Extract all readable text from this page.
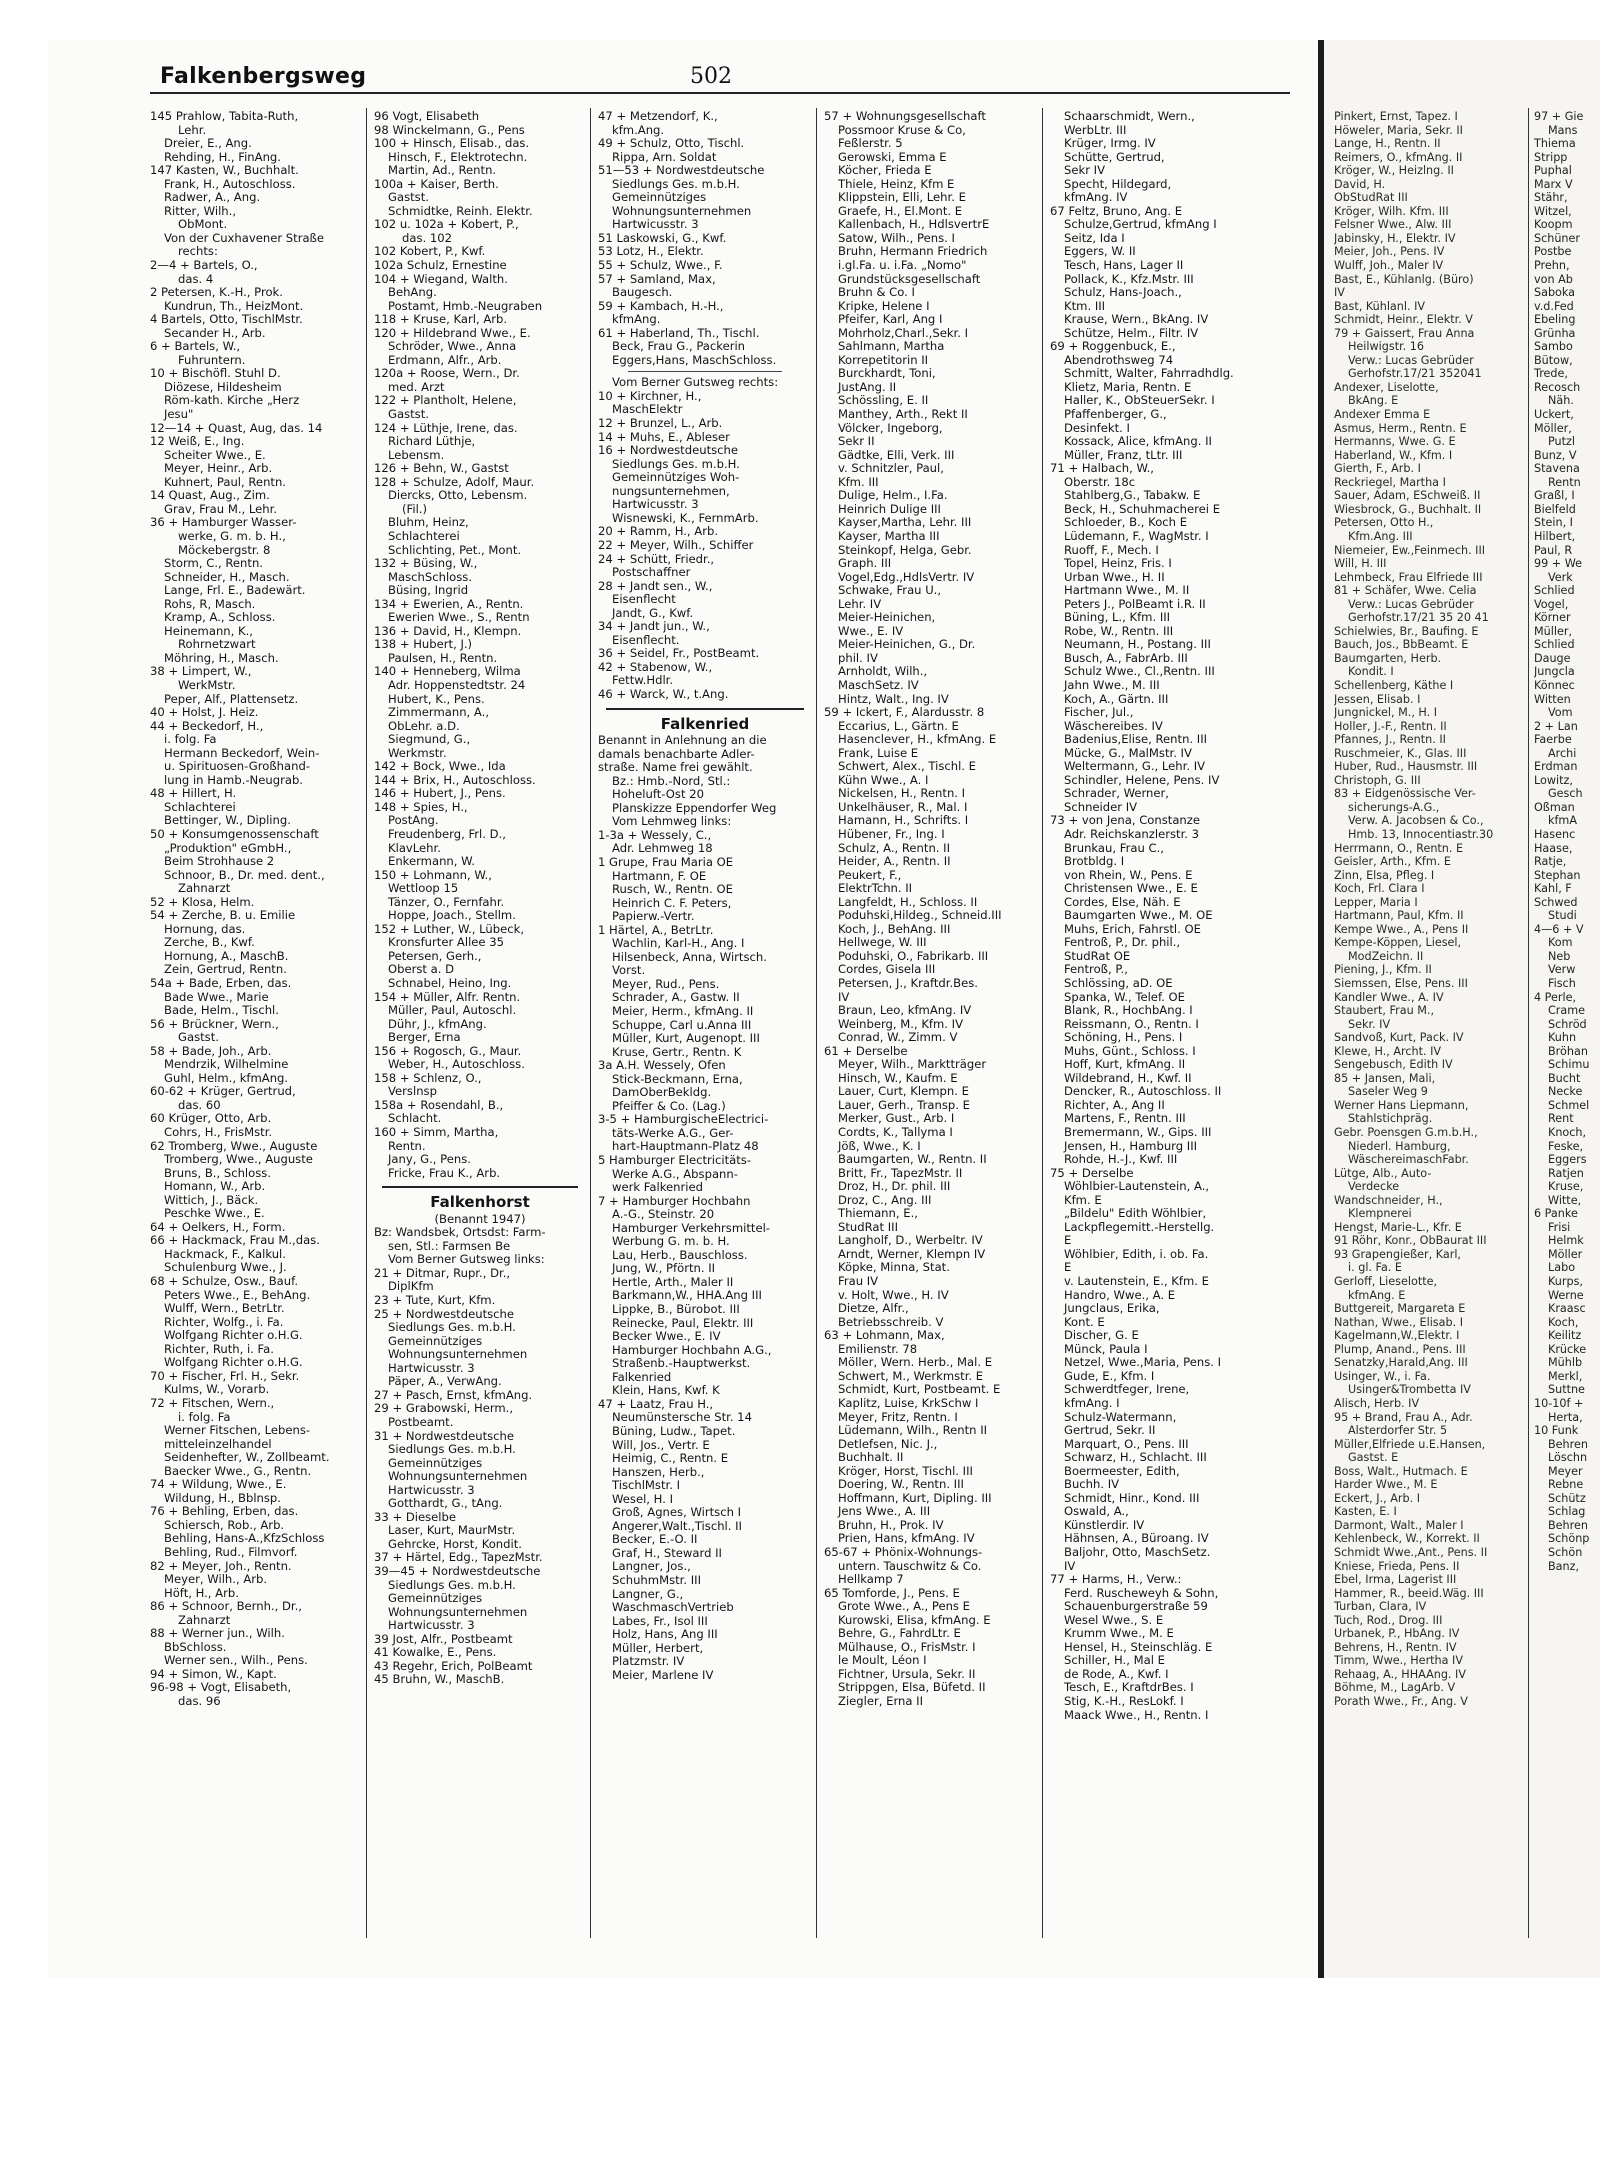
Falkenbergsweg	502
145 Prahlow, Tabita-Ruth,
Lehr.
Dreier, E., Ang.
Rehding, H., FinAng.
147 Kasten, W., Buchhalt.
Frank, H., Autoschloss.
Radwer, A., Ang.
Ritter, Wilh.,
ObMont.
Von der Cuxhavener Straße
rechts:
2—4 + Bartels, O.,
das. 4
2 Petersen, K.-H., Prok.
Kundrun, Th., HeizMont.
4 Bartels, Otto, TischlMstr.
Secander H., Arb.
6 + Bartels, W.,
Fuhruntern.
10 + Bischöfl. Stuhl D.
Diözese, Hildesheim
Röm-kath. Kirche „Herz
Jesu"
12—14 + Quast, Aug, das. 14
12 Weiß, E., Ing.
Scheiter Wwe., E.
Meyer, Heinr., Arb.
Kuhnert, Paul, Rentn.
14 Quast, Aug., Zim.
Grav, Frau M., Lehr.
36 + Hamburger Wasser-
werke, G. m. b. H.,
Möckebergstr. 8
Storm, C., Rentn.
Schneider, H., Masch.
Lange, Frl. E., Badewärt.
Rohs, R, Masch.
Kramp, A., Schloss.
Heinemann, K.,
Rohrnetzwart
Möhring, H., Masch.
38 + Limpert, W.,
WerkMstr.
Peper, Alf., Plattensetz.
40 + Holst, J. Heiz.
44 + Beckedorf, H.,
i. folg. Fa
Hermann Beckedorf, Wein-
u. Spirituosen-Großhand-
lung in Hamb.-Neugrab.
48 + Hillert, H.
Schlachterei
Bettinger, W., Dipling.
50 + Konsumgenossenschaft
„Produktion" eGmbH.,
Beim Strohhause 2
Schnoor, B., Dr. med. dent.,
Zahnarzt
52 + Klosa, Helm.
54 + Zerche, B. u. Emilie
Hornung, das.
Zerche, B., Kwf.
Hornung, A., MaschB.
Zein, Gertrud, Rentn.
54a + Bade, Erben, das.
Bade Wwe., Marie
Bade, Helm., Tischl.
56 + Brückner, Wern.,
Gastst.
58 + Bade, Joh., Arb.
Mendrzik, Wilhelmine
Guhl, Helm., kfmAng.
60-62 + Krüger, Gertrud,
das. 60
60 Krüger, Otto, Arb.
Cohrs, H., FrisMstr.
62 Tromberg, Wwe., Auguste
Tromberg, Wwe., Auguste
Bruns, B., Schloss.
Homann, W., Arb.
Wittich, J., Bäck.
Peschke Wwe., E.
64 + Oelkers, H., Form.
66 + Hackmack, Frau M.,das.
Hackmack, F., Kalkul.
Schulenburg Wwe., J.
68 + Schulze, Osw., Bauf.
Peters Wwe., E., BehAng.
Wulff, Wern., BetrLtr.
Richter, Wolfg., i. Fa.
Wolfgang Richter o.H.G.
Richter, Ruth, i. Fa.
Wolfgang Richter o.H.G.
70 + Fischer, Frl. H., Sekr.
Kulms, W., Vorarb.
72 + Fitschen, Wern.,
i. folg. Fa
Werner Fitschen, Lebens-
mitteleinzelhandel
Seidenhefter, W., Zollbeamt.
Baecker Wwe., G., Rentn.
74 + Wildung, Wwe., E.
Wildung, H., Bblnsp.
76 + Behling, Erben, das.
Schiersch, Rob., Arb.
Behling, Hans-A.,KfzSchloss
Behling, Rud., Filmvorf.
82 + Meyer, Joh., Rentn.
Meyer, Wilh., Arb.
Höft, H., Arb.
86 + Schnoor, Bernh., Dr.,
Zahnarzt
88 + Werner jun., Wilh.
BbSchloss.
Werner sen., Wilh., Pens.
94 + Simon, W., Kapt.
96-98 + Vogt, Elisabeth,
das. 96
96 Vogt, Elisabeth
98 Winckelmann, G., Pens
100 + Hinsch, Elisab., das.
Hinsch, F., Elektrotechn.
Martin, Ad., Rentn.
100a + Kaiser, Berth.
Gastst.
Schmidtke, Reinh. Elektr.
102 u. 102a + Kobert, P.,
das. 102
102 Kobert, P., Kwf.
102a Schulz, Ernestine
104 + Wiegand, Walth.
BehAng.
Postamt, Hmb.-Neugraben
118 + Kruse, Karl, Arb.
120 + Hildebrand Wwe., E.
Schröder, Wwe., Anna
Erdmann, Alfr., Arb.
120a + Roose, Wern., Dr.
med. Arzt
122 + Plantholt, Helene,
Gastst.
124 + Lüthje, Irene, das.
Richard Lüthje,
Lebensm.
126 + Behn, W., Gastst
128 + Schulze, Adolf, Maur.
Diercks, Otto, Lebensm.
(Fil.)
Bluhm, Heinz,
Schlachterei
Schlichting, Pet., Mont.
132 + Büsing, W.,
MaschSchloss.
Büsing, Ingrid
134 + Ewerien, A., Rentn.
Ewerien Wwe., S., Rentn
136 + David, H., Klempn.
138 + Hubert, J.)
Paulsen, H., Rentn.
140 + Henneberg, Wilma
Adr. Hoppenstedtstr. 24
Hubert, K., Pens.
Zimmermann, A.,
ObLehr. a.D.
Siegmund, G.,
Werkmstr.
142 + Bock, Wwe., Ida
144 + Brix, H., Autoschloss.
146 + Hubert, J., Pens.
148 + Spies, H.,
PostAng.
Freudenberg, Frl. D.,
KlavLehr.
Enkermann, W.
150 + Lohmann, W.,
Wettloop 15
Tänzer, O., Fernfahr.
Hoppe, Joach., Stellm.
152 + Luther, W., Lübeck,
Kronsfurter Allee 35
Petersen, Gerh.,
Oberst a. D
Schnabel, Heino, Ing.
154 + Müller, Alfr. Rentn.
Müller, Paul, Autoschl.
Dühr, J., kfmAng.
Berger, Erna
156 + Rogosch, G., Maur.
Weber, H., Autoschloss.
158 + Schlenz, O.,
Verslnsp
158a + Rosendahl, B.,
Schlacht.
160 + Simm, Martha,
Rentn.
Jany, G., Pens.
Fricke, Frau K., Arb.
Falkenhorst
(Benannt 1947)
Bz: Wandsbek, Ortsdst: Farm-
sen, Stl.: Farmsen Be
Vom Berner Gutsweg links:
21 + Ditmar, Rupr., Dr.,
DiplKfm
23 + Tute, Kurt, Kfm.
25 + Nordwestdeutsche
Siedlungs Ges. m.b.H.
Gemeinnütziges
Wohnungsunternehmen
Hartwicusstr. 3
Päper, A., VerwAng.
27 + Pasch, Ernst, kfmAng.
29 + Grabowski, Herm.,
Postbeamt.
31 + Nordwestdeutsche
Siedlungs Ges. m.b.H.
Gemeinnütziges
Wohnungsunternehmen
Hartwicusstr. 3
Gotthardt, G., tAng.
33 + Dieselbe
Laser, Kurt, MaurMstr.
Gehrcke, Horst, Kondit.
37 + Härtel, Edg., TapezMstr.
39—45 + Nordwestdeutsche
Siedlungs Ges. m.b.H.
Gemeinnütziges
Wohnungsunternehmen
Hartwicusstr. 3
39 Jost, Alfr., Postbeamt
41 Kowalke, E., Pens.
43 Regehr, Erich, PolBeamt
45 Bruhn, W., MaschB.
47 + Metzendorf, K.,
kfm.Ang.
49 + Schulz, Otto, Tischl.
Rippa, Arn. Soldat
51—53 + Nordwestdeutsche
Siedlungs Ges. m.b.H.
Gemeinnütziges
Wohnungsunternehmen
Hartwicusstr. 3
51 Laskowski, G., Kwf.
53 Lotz, H., Elektr.
55 + Schulz, Wwe., F.
57 + Samland, Max,
Baugesch.
59 + Kambach, H.-H.,
kfmAng.
61 + Haberland, Th., Tischl.
Beck, Frau G., Packerin
Eggers,Hans, MaschSchloss.
Vom Berner Gutsweg rechts:
10 + Kirchner, H.,
MaschElektr
12 + Brunzel, L., Arb.
14 + Muhs, E., Ableser
16 + Nordwestdeutsche
Siedlungs Ges. m.b.H.
Gemeinnütziges Woh-
nungsunternehmen,
Hartwicusstr. 3
Wisnewski, K., FernmArb.
20 + Ramm, H., Arb.
22 + Meyer, Wilh., Schiffer
24 + Schütt, Friedr.,
Postschaffner
28 + Jandt sen., W.,
Eisenflecht
Jandt, G., Kwf.
34 + Jandt jun., W.,
Eisenflecht.
36 + Seidel, Fr., PostBeamt.
42 + Stabenow, W.,
Fettw.Hdlr.
46 + Warck, W., t.Ang.
Falkenried
Benannt in Anlehnung an die
damals benachbarte Adler-
straße. Name frei gewählt.
Bz.: Hmb.-Nord, Stl.:
Hoheluft-Ost 20
Planskizze Eppendorfer Weg
Vom Lehmweg links:
1-3a + Wessely, C.,
Adr. Lehmweg 18
1 Grupe, Frau Maria OE
Hartmann, F. OE
Rusch, W., Rentn. OE
Heinrich C. F. Peters,
Papierw.-Vertr.
1 Härtel, A., BetrLtr.
Wachlin, Karl-H., Ang. I
Hilsenbeck, Anna, Wirtsch.
Vorst.
Meyer, Rud., Pens.
Schrader, A., Gastw. II
Meier, Herm., kfmAng. II
Schuppe, Carl u.Anna III
Müller, Kurt, Augenopt. III
Kruse, Gertr., Rentn. K
3a A.H. Wessely, Ofen
Stick-Beckmann, Erna,
DamOberBekldg.
Pfeiffer & Co. (Lag.)
3-5 + HamburgischeElectrici-
täts-Werke A.G., Ger-
hart-Hauptmann-Platz 48
5 Hamburger Electricitäts-
Werke A.G., Abspann-
werk Falkenried
7 + Hamburger Hochbahn
A.-G., Steinstr. 20
Hamburger Verkehrsmittel-
Werbung G. m. b. H.
Lau, Herb., Bauschloss.
Jung, W., Pförtn. II
Hertle, Arth., Maler II
Barkmann,W., HHA.Ang III
Lippke, B., Bürobot. III
Reinecke, Paul, Elektr. III
Becker Wwe., E. IV
Hamburger Hochbahn A.G.,
Straßenb.-Hauptwerkst.
Falkenried
Klein, Hans, Kwf. K
47 + Laatz, Frau H.,
Neumünstersche Str. 14
Büning, Ludw., Tapet.
Will, Jos., Vertr. E
Heimig, C., Rentn. E
Hanszen, Herb.,
TischlMstr. I
Wesel, H. I
Groß, Agnes, Wirtsch I
Angerer,Walt.,Tischl. II
Becker, E.-O. II
Graf, H., Steward II
Langner, Jos.,
SchuhmMstr. III
Langner, G.,
WaschmaschVertrieb
Labes, Fr., Isol III
Holz, Hans, Ang III
Müller, Herbert,
Platzmstr. IV
Meier, Marlene IV
57 + Wohnungsgesellschaft
Possmoor Kruse & Co,
Feßlerstr. 5
Gerowski, Emma E
Köcher, Frieda E
Thiele, Heinz, Kfm E
Klippstein, Elli, Lehr. E
Graefe, H., El.Mont. E
Kallenbach, H., HdlsvertrE
Satow, Wilh., Pens. I
Bruhn, Hermann Friedrich
i.gl.Fa. u. i.Fa. „Nomo"
Grundstücksgesellschaft
Bruhn & Co. I
Kripke, Helene I
Pfeifer, Karl, Ang I
Mohrholz,Charl.,Sekr. I
Sahlmann, Martha
Korrepetitorin II
Burckhardt, Toni,
JustAng. II
Schössling, E. II
Manthey, Arth., Rekt II
Völcker, Ingeborg,
Sekr II
Gädtke, Elli, Verk. III
v. Schnitzler, Paul,
Kfm. III
Dulige, Helm., I.Fa.
Heinrich Dulige III
Kayser,Martha, Lehr. III
Kayser, Martha III
Steinkopf, Helga, Gebr.
Graph. III
Vogel,Edg.,HdlsVertr. IV
Schwake, Frau U.,
Lehr. IV
Meier-Heinichen,
Wwe., E. IV
Meier-Heinichen, G., Dr.
phil. IV
Arnholdt, Wilh.,
MaschSetz. IV
Hintz, Walt., Ing. IV
59 + Ickert, F., Alardusstr. 8
Eccarius, L., Gärtn. E
Hasenclever, H., kfmAng. E
Frank, Luise E
Schwert, Alex., Tischl. E
Kühn Wwe., A. I
Nickelsen, H., Rentn. I
Unkelhäuser, R., Mal. I
Hamann, H., Schrifts. I
Hübener, Fr., Ing. I
Schulz, A., Rentn. II
Heider, A., Rentn. II
Peukert, F.,
ElektrTchn. II
Langfeldt, H., Schloss. II
Poduhski,Hildeg., Schneid.III
Koch, J., BehAng. III
Hellwege, W. III
Poduhski, O., Fabrikarb. III
Cordes, Gisela III
Petersen, J., Kraftdr.Bes.
IV
Braun, Leo, kfmAng. IV
Weinberg, M., Kfm. IV
Conrad, W., Zimm. V
61 + Derselbe
Meyer, Wilh., Marktträger
Hinsch, W., Kaufm. E
Lauer, Curt, Klempn. E
Lauer, Gerh., Transp. E
Merker, Gust., Arb. I
Cordts, K., Tallyma I
Jöß, Wwe., K. I
Baumgarten, W., Rentn. II
Britt, Fr., TapezMstr. II
Droz, H., Dr. phil. III
Droz, C., Ang. III
Thiemann, E.,
StudRat III
Langholf, D., Werbeltr. IV
Arndt, Werner, Klempn IV
Köpke, Minna, Stat.
Frau IV
v. Holt, Wwe., H. IV
Dietze, Alfr.,
Betriebsschreib. V
63 + Lohmann, Max,
Emilienstr. 78
Möller, Wern. Herb., Mal. E
Schwert, M., Werkmstr. E
Schmidt, Kurt, Postbeamt. E
Kaplitz, Luise, KrkSchw I
Meyer, Fritz, Rentn. I
Lüdemann, Wilh., Rentn II
Detlefsen, Nic. J.,
Buchhalt. II
Kröger, Horst, Tischl. III
Doering, W., Rentn. III
Hoffmann, Kurt, Dipling. III
Jens Wwe., A. III
Bruhn, H., Prok. IV
Prien, Hans, kfmAng. IV
65-67 + Phönix-Wohnungs-
untern. Tauschwitz & Co.
Hellkamp 7
65 Tomforde, J., Pens. E
Grote Wwe., A., Pens E
Kurowski, Elisa, kfmAng. E
Behre, G., FahrdLtr. E
Mülhause, O., FrisMstr. I
le Moult, Léon I
Fichtner, Ursula, Sekr. II
Strippgen, Elsa, Büfetd. II
Ziegler, Erna II
Schaarschmidt, Wern.,
WerbLtr. III
Krüger, Irmg. IV
Schütte, Gertrud,
Sekr IV
Specht, Hildegard,
kfmAng. IV
67 Feltz, Bruno, Ang. E
Schulze,Gertrud, kfmAng I
Seitz, Ida I
Eggers, W. II
Tesch, Hans, Lager II
Pollack, K., Kfz.Mstr. III
Schulz, Hans-Joach.,
Ktm. III
Krause, Wern., BkAng. IV
Schütze, Helm., Filtr. IV
69 + Roggenbuck, E.,
Abendrothsweg 74
Schmitt, Walter, Fahrradhdlg.
Klietz, Maria, Rentn. E
Haller, K., ObSteuerSekr. I
Pfaffenberger, G.,
Desinfekt. I
Kossack, Alice, kfmAng. II
Müller, Franz, tLtr. III
71 + Halbach, W.,
Oberstr. 18c
Stahlberg,G., Tabakw. E
Beck, H., Schuhmacherei E
Schloeder, B., Koch E
Lüdemann, F., WagMstr. I
Ruoff, F., Mech. I
Topel, Heinz, Fris. I
Urban Wwe., H. II
Hartmann Wwe., M. II
Peters J., PolBeamt i.R. II
Büning, L., Kfm. III
Robe, W., Rentn. III
Neumann, H., Postang. III
Busch, A., FabrArb. III
Schulz Wwe., Cl.,Rentn. III
Jahn Wwe., M. III
Koch, A., Gärtn. III
Fischer, Jul.,
Wäschereibes. IV
Badenius,Elise, Rentn. III
Mücke, G., MalMstr. IV
Weltermann, G., Lehr. IV
Schindler, Helene, Pens. IV
Schrader, Werner,
Schneider IV
73 + von Jena, Constanze
Adr. Reichskanzlerstr. 3
Brunkau, Frau C.,
Brotbldg. I
von Rhein, W., Pens. E
Christensen Wwe., E. E
Cordes, Else, Näh. E
Baumgarten Wwe., M. OE
Muhs, Erich, Fahrstl. OE
Fentroß, P., Dr. phil.,
StudRat OE
Fentroß, P.,
Schlössing, aD. OE
Spanka, W., Telef. OE
Blank, R., HochbAng. I
Reissmann, O., Rentn. I
Schöning, H., Pens. I
Muhs, Günt., Schloss. I
Hoff, Kurt, kfmAng. II
Wildebrand, H., Kwf. II
Dencker, R., Autoschloss. II
Richter, A., Ang II
Martens, F., Rentn. III
Bremermann, W., Gips. III
Jensen, H., Hamburg III
Rohde, H.-J., Kwf. III
75 + Derselbe
Wöhlbier-Lautenstein, A.,
Kfm. E
„Bildelu" Edith Wöhlbier,
Lackpflegemitt.-Herstellg.
E
Wöhlbier, Edith, i. ob. Fa.
E
v. Lautenstein, E., Kfm. E
Handro, Wwe., A. E
Jungclaus, Erika,
Kont. E
Discher, G. E
Münck, Paula I
Netzel, Wwe.,Maria, Pens. I
Gude, E., Kfm. I
Schwerdtfeger, Irene,
kfmAng. I
Schulz-Watermann,
Gertrud, Sekr. II
Marquart, O., Pens. III
Schwarz, H., Schlacht. III
Boermeester, Edith,
Buchh. IV
Schmidt, Hinr., Kond. III
Oswald, A.,
Künstlerdir. IV
Hähnsen, A., Büroang. IV
Baljohr, Otto, MaschSetz.
IV
77 + Harms, H., Verw.:
Ferd. Ruscheweyh & Sohn,
Schauenburgerstraße 59
Wesel Wwe., S. E
Krumm Wwe., M. E
Hensel, H., Steinschläg. E
Schiller, H., Mal E
de Rode, A., Kwf. I
Tesch, E., KraftdrBes. I
Stig, K.-H., ResLokf. I
Maack Wwe., H., Rentn. I
Pinkert, Ernst, Tapez. I
Höweler, Maria, Sekr. II
Lange, H., Rentn. II
Reimers, O., kfmAng. II
Kröger, W., Heizlng. II
David, H.
ObStudRat III
Kröger, Wilh. Kfm. III
Felsner Wwe., Alw. III
Jabinsky, H., Elektr. IV
Meier, Joh., Pens. IV
Wulff, Joh., Maler IV
Bast, E., Kühlanlg. (Büro)
IV
Bast, Kühlanl. IV
Schmidt, Heinr., Elektr. V
79 + Gaissert, Frau Anna
Heilwigstr. 16
Verw.: Lucas Gebrüder
Gerhofstr.17/21 352041
Andexer, Liselotte,
BkAng. E
Andexer Emma E
Asmus, Herm., Rentn. E
Hermanns, Wwe. G. E
Haberland, W., Kfm. I
Gierth, F., Arb. I
Reckriegel, Martha I
Sauer, Adam, ESchweiß. II
Wiesbrock, G., Buchhalt. II
Petersen, Otto H.,
Kfm.Ang. III
Niemeier, Ew.,Feinmech. III
Will, H. III
Lehmbeck, Frau Elfriede III
81 + Schäfer, Wwe. Celia
Verw.: Lucas Gebrüder
Gerhofstr.17/21 35 20 41
Schielwies, Br., Baufing. E
Bauch, Jos., BbBeamt. E
Baumgarten, Herb.
Kondit. I
Schellenberg, Käthe I
Jessen, Elisab. I
Jungnickel, M., H. I
Holler, J.-F., Rentn. II
Pfannes, J., Rentn. II
Ruschmeier, K., Glas. III
Huber, Rud., Hausmstr. III
Christoph, G. III
83 + Eidgenössische Ver-
sicherungs-A.G.,
Verw. A. Jacobsen & Co.,
Hmb. 13, Innocentiastr.30
Herrmann, O., Rentn. E
Geisler, Arth., Kfm. E
Zinn, Elsa, Pfleg. I
Koch, Frl. Clara I
Lepper, Maria I
Hartmann, Paul, Kfm. II
Kempe Wwe., A., Pens II
Kempe-Köppen, Liesel,
ModZeichn. II
Piening, J., Kfm. II
Siemssen, Else, Pens. III
Kandler Wwe., A. IV
Staubert, Frau M.,
Sekr. IV
Sandvoß, Kurt, Pack. IV
Klewe, H., Archt. IV
Sengebusch, Edith IV
85 + Jansen, Mali,
Saseler Weg 9
Werner Hans Liepmann,
Stahlstichpräg.
Gebr. Poensgen G.m.b.H.,
Niederl. Hamburg,
WäschereimaschFabr.
Lütge, Alb., Auto-
Verdecke
Wandschneider, H.,
Klempnerei
Hengst, Marie-L., Kfr. E
91 Röhr, Konr., ObBaurat III
93 Grapengießer, Karl,
i. gl. Fa. E
Gerloff, Lieselotte,
kfmAng. E
Buttgereit, Margareta E
Nathan, Wwe., Elisab. I
Kagelmann,W.,Elektr. I
Plump, Anand., Pens. III
Senatzky,Harald,Ang. III
Usinger, W., i. Fa.
Usinger&Trombetta IV
Alisch, Herb. IV
95 + Brand, Frau A., Adr.
Alsterdorfer Str. 5
Müller,Elfriede u.E.Hansen,
Gastst. E
Boss, Walt., Hutmach. E
Harder Wwe., M. E
Eckert, J., Arb. I
Kasten, E. I
Darmont, Walt., Maler I
Kehlenbeck, W., Korrekt. II
Schmidt Wwe.,Ant., Pens. II
Kniese, Frieda, Pens. II
Ebel, Irma, Lagerist III
Hammer, R., beeid.Wäg. III
Turban, Clara, IV
Tuch, Rod., Drog. III
Urbanek, P., HbAng. IV
Behrens, H., Rentn. IV
Timm, Wwe., Hertha IV
Rehaag, A., HHAAng. IV
Böhme, M., LagArb. V
Porath Wwe., Fr., Ang. V
97 + Gie
Mans
Thiema
Stripp
Puphal
Marx V
Stähr,
Witzel,
Koopm
Schüner
Postbe
Prehn,
von Ab
Saboka
v.d.Fed
Ebeling
Grünha
Sambo
Bütow,
Trede,
Recosch
Näh.
Uckert,
Möller,
Putzl
Bunz, V
Stavena
Rentn
Graßl, I
Bielfeld
Stein, I
Hilbert,
Paul, R
99 + We
Verk
Schlied
Vogel,
Körner
Müller,
Schlied
Dauge
Jungcla
Könnec
Witten
Vom
2 + Lan
Faerbe
Archi
Erdman
Lowitz,
Gesch
Oßman
kfmA
Hasenc
Haase,
Ratje,
Stephan
Kahl, F
Schwed
Studi
4—6 + V
Kom
Neb
Verw
Fisch
4 Perle,
Crame
Schröd
Kuhn
Bröhan
Schimu
Bucht
Necke
Schmel
Rent
Knoch,
Feske,
Eggers
Ratjen
Kruse,
Witte,
6 Panke
Frisi
Helmk
Möller
Labo
Kurps,
Werne
Kraasc
Koch,
Keilitz
Krücke
Mühlb
Merkl,
Suttne
10-10f +
Herta,
10 Funk
Behren
Löschn
Meyer
Rebne
Schütz
Schlag
Behren
Schönp
Schön
Banz,
